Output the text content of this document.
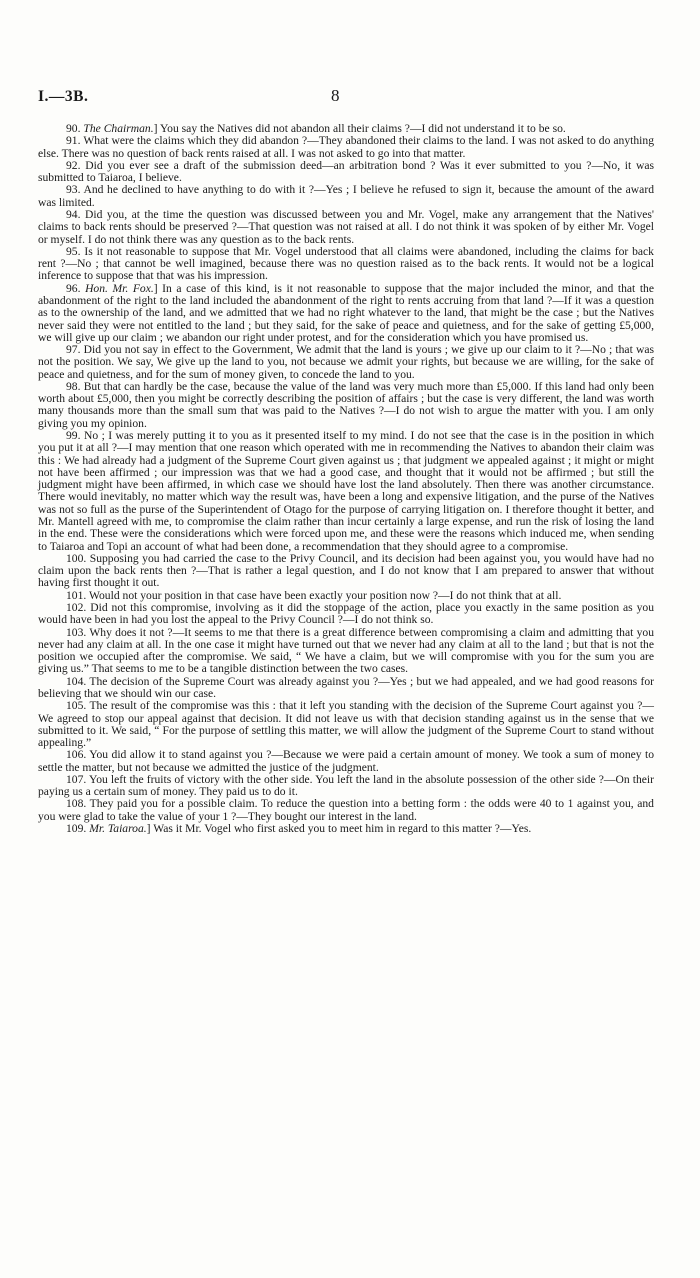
I.—3B.	8

90. The Chairman.] You say the Natives did not abandon all their claims ?—I did not understand it to be so.

91. What were the claims which they did abandon ?—They abandoned their claims to the land. I was not asked to do anything else. There was no question of back rents raised at all. I was not asked to go into that matter.

92. Did you ever see a draft of the submission deed—an arbitration bond ? Was it ever submitted to you ?—No, it was submitted to Taiaroa, I believe.

93. And he declined to have anything to do with it ?—Yes ; I believe he refused to sign it, because the amount of the award was limited.

94. Did you, at the time the question was discussed between you and Mr. Vogel, make any arrangement that the Natives' claims to back rents should be preserved ?—That question was not raised at all. I do not think it was spoken of by either Mr. Vogel or myself. I do not think there was any question as to the back rents.

95. Is it not reasonable to suppose that Mr. Vogel understood that all claims were abandoned, including the claims for back rent ?—No ; that cannot be well imagined, because there was no question raised as to the back rents. It would not be a logical inference to suppose that that was his impression.

96. Hon. Mr. Fox.] In a case of this kind, is it not reasonable to suppose that the major included the minor, and that the abandonment of the right to the land included the abandonment of the right to rents accruing from that land ?—If it was a question as to the ownership of the land, and we admitted that we had no right whatever to the land, that might be the case ; but the Natives never said they were not entitled to the land ; but they said, for the sake of peace and quietness, and for the sake of getting £5,000, we will give up our claim ; we abandon our right under protest, and for the consideration which you have promised us.

97. Did you not say in effect to the Government, We admit that the land is yours ; we give up our claim to it ?—No ; that was not the position. We say, We give up the land to you, not because we admit your rights, but because we are willing, for the sake of peace and quietness, and for the sum of money given, to concede the land to you.

98. But that can hardly be the case, because the value of the land was very much more than £5,000. If this land had only been worth about £5,000, then you might be correctly describing the position of affairs ; but the case is very different, the land was worth many thousands more than the small sum that was paid to the Natives ?—I do not wish to argue the matter with you. I am only giving you my opinion.

99. No ; I was merely putting it to you as it presented itself to my mind. I do not see that the case is in the position in which you put it at all ?—I may mention that one reason which operated with me in recommending the Natives to abandon their claim was this : We had already had a judgment of the Supreme Court given against us ; that judgment we appealed against ; it might or might not have been affirmed ; our impression was that we had a good case, and thought that it would not be affirmed ; but still the judgment might have been affirmed, in which case we should have lost the land absolutely. Then there was another circumstance. There would inevitably, no matter which way the result was, have been a long and expensive litigation, and the purse of the Natives was not so full as the purse of the Superintendent of Otago for the purpose of carrying litigation on. I therefore thought it better, and Mr. Mantell agreed with me, to compromise the claim rather than incur certainly a large expense, and run the risk of losing the land in the end. These were the considerations which were forced upon me, and these were the reasons which induced me, when sending to Taiaroa and Topi an account of what had been done, a recommendation that they should agree to a compromise.

100. Supposing you had carried the case to the Privy Council, and its decision had been against you, you would have had no claim upon the back rents then ?—That is rather a legal question, and I do not know that I am prepared to answer that without having first thought it out.

101. Would not your position in that case have been exactly your position now ?—I do not think that at all.

102. Did not this compromise, involving as it did the stoppage of the action, place you exactly in the same position as you would have been in had you lost the appeal to the Privy Council ?—I do not think so.

103. Why does it not ?—It seems to me that there is a great difference between compromising a claim and admitting that you never had any claim at all. In the one case it might have turned out that we never had any claim at all to the land ; but that is not the position we occupied after the compromise. We said, “ We have a claim, but we will compromise with you for the sum you are giving us.” That seems to me to be a tangible distinction between the two cases.

104. The decision of the Supreme Court was already against you ?—Yes ; but we had appealed, and we had good reasons for believing that we should win our case.

105. The result of the compromise was this : that it left you standing with the decision of the Supreme Court against you ?—We agreed to stop our appeal against that decision. It did not leave us with that decision standing against us in the sense that we submitted to it. We said, “ For the purpose of settling this matter, we will allow the judgment of the Supreme Court to stand without appealing.”

106. You did allow it to stand against you ?—Because we were paid a certain amount of money. We took a sum of money to settle the matter, but not because we admitted the justice of the judgment.

107. You left the fruits of victory with the other side. You left the land in the absolute possession of the other side ?—On their paying us a certain sum of money. They paid us to do it.

108. They paid you for a possible claim. To reduce the question into a betting form : the odds were 40 to 1 against you, and you were glad to take the value of your 1 ?—They bought our interest in the land.

109. Mr. Taiaroa.] Was it Mr. Vogel who first asked you to meet him in regard to this matter ?—Yes.
